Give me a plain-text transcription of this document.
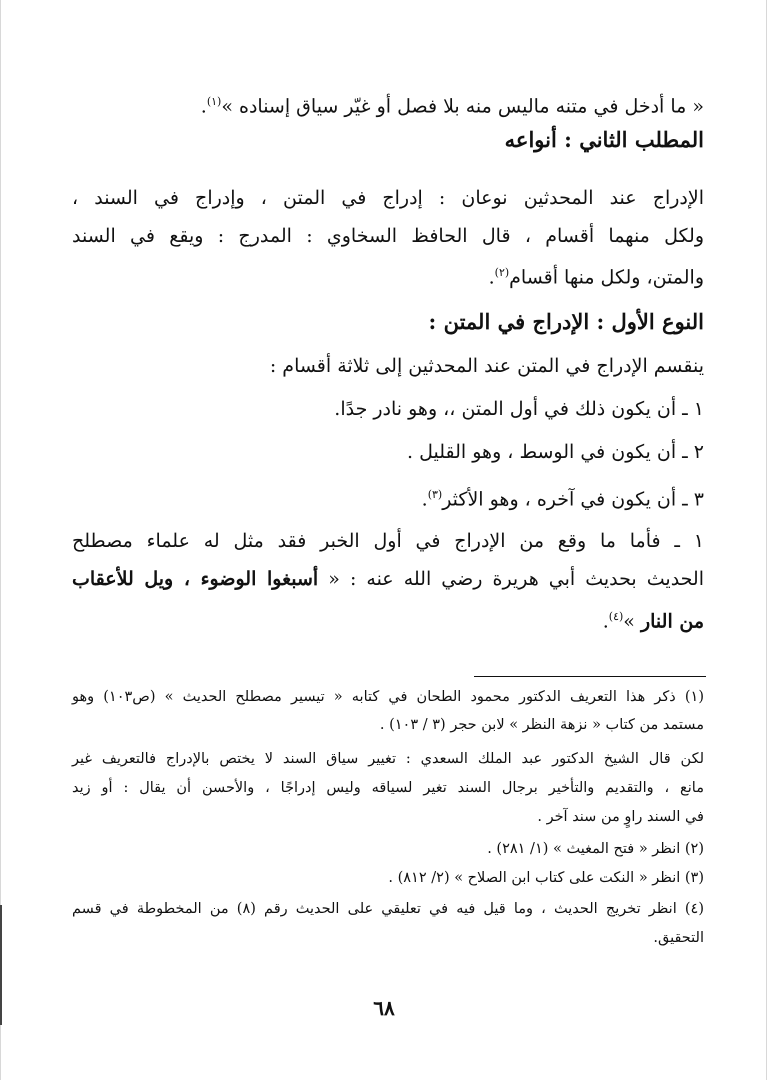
« ما أدخل في متنه ماليس منه بلا فصل أو غيّر سياق إسناده »$^{(١)}$.
المطلب الثاني : أنواعه
الإدراج عند المحدثين نوعان : إدراج في المتن ، وإدراج في السند ،
ولكل منهما أقسام ، قال الحافظ السخاوي : المدرج : ويقع في السند
والمتن، ولكل منها أقسام$^{(٢)}$.
النوع الأول : الإدراج في المتن :
ينقسم الإدراج في المتن عند المحدثين إلى ثلاثة أقسام :
١ ـ أن يكون ذلك في أول المتن ،، وهو نادر جدًا.
٢ ـ أن يكون في الوسط ، وهو القليل .
٣ ـ أن يكون في آخره ، وهو الأكثر$^{(٣)}$.
١ ـ فأما ما وقع من الإدراج في أول الخبر فقد مثل له علماء مصطلح
الحديث بحديث أبي هريرة رضي الله عنه : « أسبغوا الوضوء ، ويل للأعقاب
من النار »$^{(٤)}$.
(١) ذكر هذا التعريف الدكتور محمود الطحان في كتابه « تيسير مصطلح الحديث » (ص١٠٣) وهو
مستمد من كتاب « نزهة النظر » لابن حجر (٣ / ١٠٣) .
لكن قال الشيخ الدكتور عبد الملك السعدي : تغيير سياق السند لا يختص بالإدراج فالتعريف غير
مانع ، والتقديم والتأخير برجال السند تغير لسياقه وليس إدراجًا ، والأحسن أن يقال : أو زيد
في السند راوٍ من سند آخر .
(٢) انظر « فتح المغيث » (١/ ٢٨١) .
(٣) انظر « النكت على كتاب ابن الصلاح » (٢/ ٨١٢) .
(٤) انظر تخريج الحديث ، وما قيل فيه في تعليقي على الحديث رقم (٨) من المخطوطة في قسم
التحقيق.
٦٨
